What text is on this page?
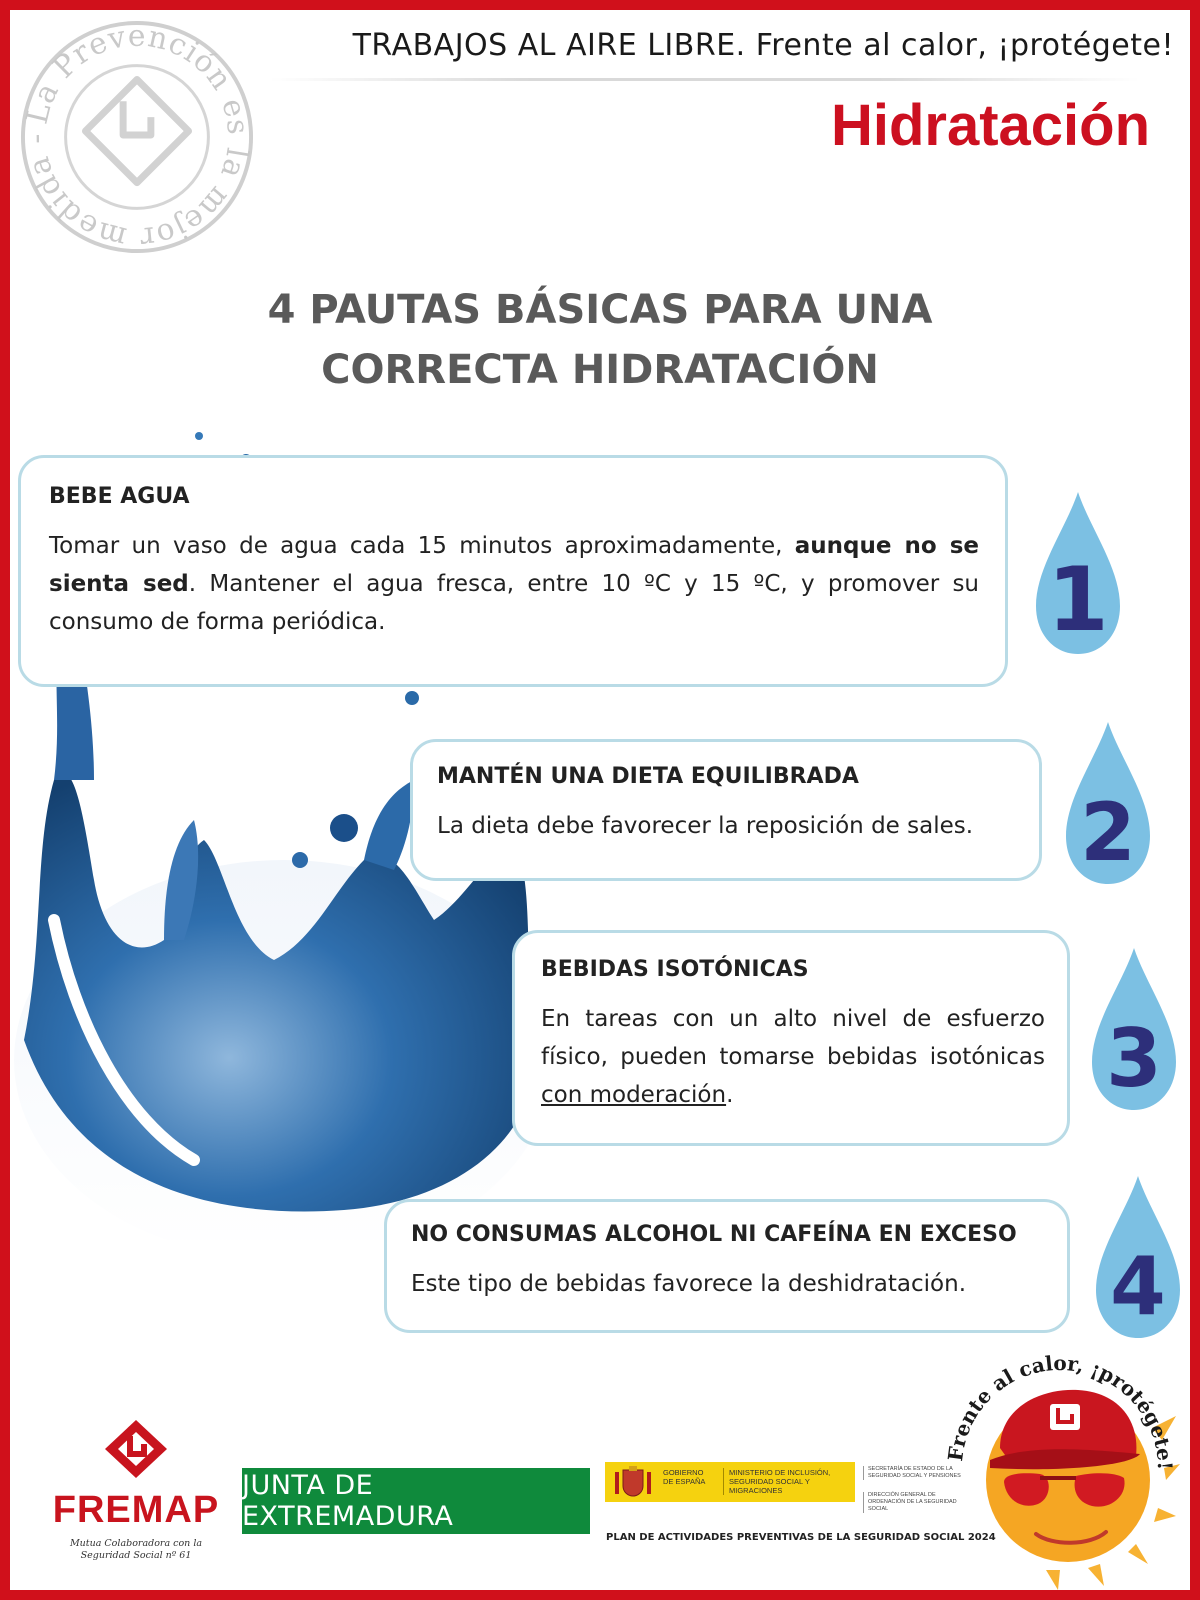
La Prevención es la mejor medida -
TRABAJOS AL AIRE LIBRE. Frente al calor, ¡protégete!
Hidratación
4 PAUTAS BÁSICAS PARA UNA
CORRECTA HIDRATACIÓN
BEBE AGUA
Tomar un vaso de agua cada 15 minutos aproximadamente, aunque no se sienta sed. Mantener el agua fresca, entre 10 ºC y 15 ºC, y promover su consumo de forma periódica.
MANTÉN UNA DIETA EQUILIBRADA
La dieta debe favorecer la reposición de sales.
BEBIDAS ISOTÓNICAS
En tareas con un alto nivel de esfuerzo físico, pueden tomarse bebidas isotónicas con moderación.
NO CONSUMAS ALCOHOL NI CAFEÍNA EN EXCESO
Este tipo de bebidas favorece la deshidratación.
1
2
3
4
FREMAP
Mutua Colaboradora con la
Seguridad Social nº 61
JUNTA DE EXTREMADURA
GOBIERNO DE ESPAÑA
MINISTERIO DE INCLUSIÓN, SEGURIDAD SOCIAL Y MIGRACIONES
SECRETARÍA DE ESTADO DE LA SEGURIDAD SOCIAL Y PENSIONES
DIRECCIÓN GENERAL DE ORDENACIÓN DE LA SEGURIDAD SOCIAL
PLAN DE ACTIVIDADES PREVENTIVAS DE LA SEGURIDAD SOCIAL 2024
Frente al calor, ¡protégete!
